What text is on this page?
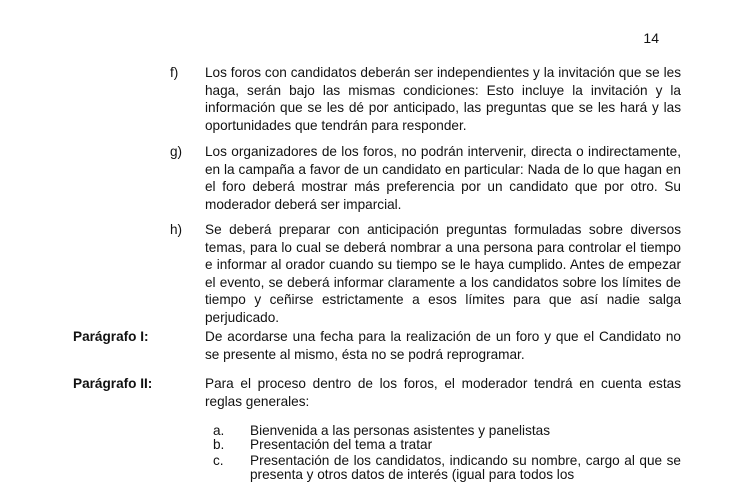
14
f) Los foros con candidatos deberán ser independientes y la invitación que se les haga, serán bajo las mismas condiciones: Esto incluye la invitación y la información que se les dé por anticipado, las preguntas que se les hará y las oportunidades que tendrán para responder.
g) Los organizadores de los foros, no podrán intervenir, directa o indirectamente, en la campaña a favor de un candidato en particular: Nada de lo que hagan en el foro deberá mostrar más preferencia por un candidato que por otro. Su moderador deberá ser imparcial.
h) Se deberá preparar con anticipación preguntas formuladas sobre diversos temas, para lo cual se deberá nombrar a una persona para controlar el tiempo e informar al orador cuando su tiempo se le haya cumplido. Antes de empezar el evento, se deberá informar claramente a los candidatos sobre los límites de tiempo y ceñirse estrictamente a esos límites para que así nadie salga perjudicado.
Parágrafo I:	De acordarse una fecha para la realización de un foro y que el Candidato no se presente al mismo, ésta no se podrá reprogramar.
Parágrafo II:	Para el proceso dentro de los foros, el moderador tendrá en cuenta estas reglas generales:
a. Bienvenida a las personas asistentes y panelistas
b. Presentación del tema a tratar
c. Presentación de los candidatos, indicando su nombre, cargo al que se presenta y otros datos de interés (igual para todos los
